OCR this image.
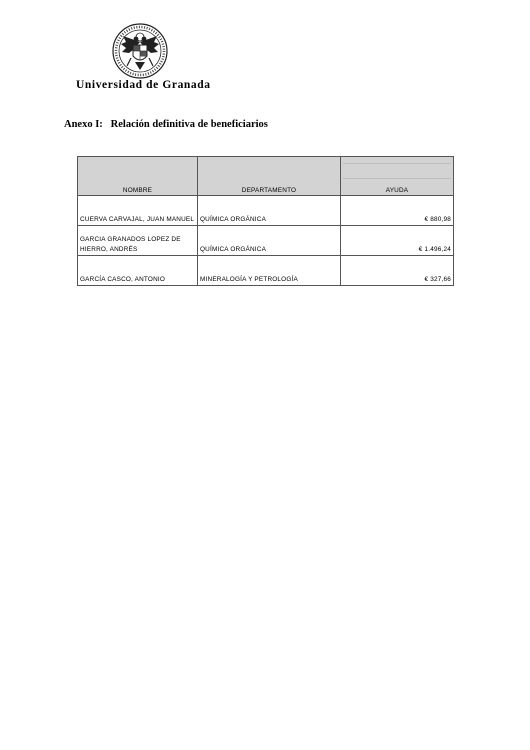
Universidad de Granada
Anexo I:   Relación definitiva de beneficiarios
NOMBRE	DEPARTAMENTO	AYUDA

CUERVA CARVAJAL, JUAN MANUEL	QUÍMICA ORGÁNICA	€ 880,98
GARCIA GRANADOS LOPEZ DE HIERRO, ANDRÉS	QUÍMICA ORGÁNICA	€ 1.496,24
GARCÍA CASCO, ANTONIO	MINERALOGÍA Y PETROLOGÍA	€ 327,66
